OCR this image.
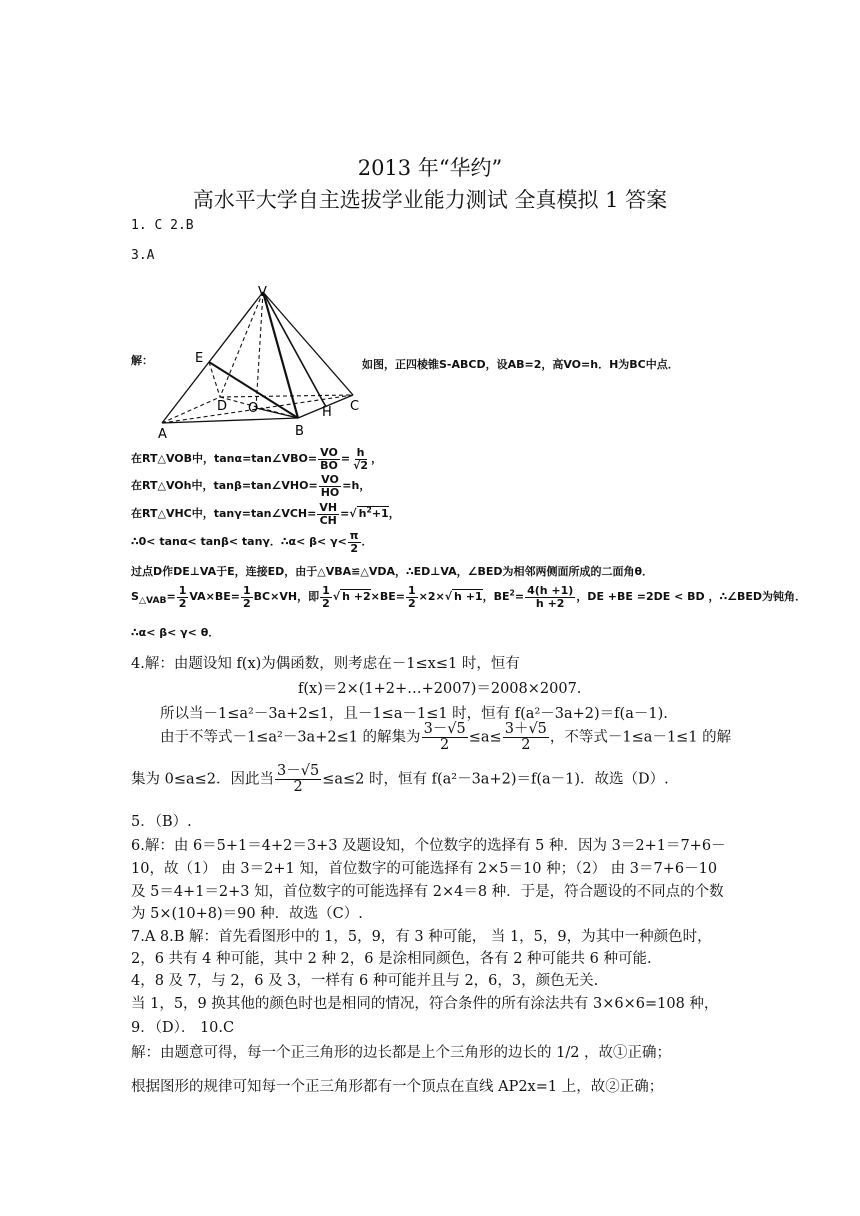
2013 年“华约”
高水平大学自主选拔学业能力测试 全真模拟 1 答案
1. C 2.B
3.A
V
E
D O	C
H
A	B
解：	如图，正四棱锥S-ABCD，设AB=2，高VO=h．H为BC中点．
在RT△VOB中，tanα=tan∠VBO= $\frac{VO}{BO} = \frac{h}{√2}$ ，
在RT△VOh中，tanβ=tan∠VHO= $\frac{VO}{HO} =h$，
在RT△VHC中，tanγ=tan∠VCH= $\frac{VH}{CH}$ =√ $h^2+1$，
∴0< tanα< tanβ< tanγ．∴α< $\beta< \gamma< \frac{\pi}{2}$ ．
过点D作DE⊥VA于E，连接ED，由于△VBA≌△VDA，∴ED⊥VA，∠BED为相邻两侧面所成的二面角θ．
$S_{\triangle VAB}= \frac{1}{2} VA\times BE= \frac{1}{2} BC\times VH$，即 $\frac{1}{2}$ √ $h +2\times BE= \frac{1}{2} \times 2\times√$ h +1，$BE^2= \frac{4(h +1)}{h +2}$ ，DE +BE =2DE < BD ，∴∠BED为钝角．
∴α< β< γ< θ．
4.解：由题设知 f(x)为偶函数，则考虑在－1≤x≤1 时，恒有
f(x)＝2×(1+2+…+2007)＝2008×2007.
所以当－1≤a²－3a+2≤1，且－1≤a－1≤1 时，恒有 f(a²－3a+2)＝f(a－1).
由于不等式－1≤a²－3a+2≤1 的解集为 $\frac{3-√5}{2} \le a\le \frac{3+√5}{2}$ ，不等式－1≤a－1≤1 的解
集为 0≤a≤2．因此当 $\frac{3-√5}{2} \le a\le 2$ 时，恒有 f(a²－3a+2)＝f(a－1)．故选（D）.
5．（B）.
6.解：由 6＝5+1＝4+2＝3+3 及题设知，个位数字的选择有 5 种．因为 3＝2+1＝7+6－
10，故（1） 由 3＝2+1 知，首位数字的可能选择有 2×5＝10 种；（2） 由 3＝7+6－10
及 5＝4+1＝2+3 知，首位数字的可能选择有 2×4＝8 种．于是，符合题设的不同点的个数
为 5×(10+8)＝90 种．故选（C）.
7.A 8.B 解：首先看图形中的 1，5，9，有 3 种可能， 当 1，5，9，为其中一种颜色时，
2，6 共有 4 种可能，其中 2 种 2，6 是涂相同颜色，各有 2 种可能共 6 种可能.
4，8 及 7，与 2，6 及 3，一样有 6 种可能并且与 2，6，3，颜色无关.
当 1，5，9 换其他的颜色时也是相同的情况，符合条件的所有涂法共有 3×6×6=108 种，
9．（D）． 10.C
解：由题意可得，每一个正三角形的边长都是上个三角形的边长的 1/2 ，故①正确；
根据图形的规律可知每一个正三角形都有一个顶点在直线 AP2x=1 上，故②正确；
